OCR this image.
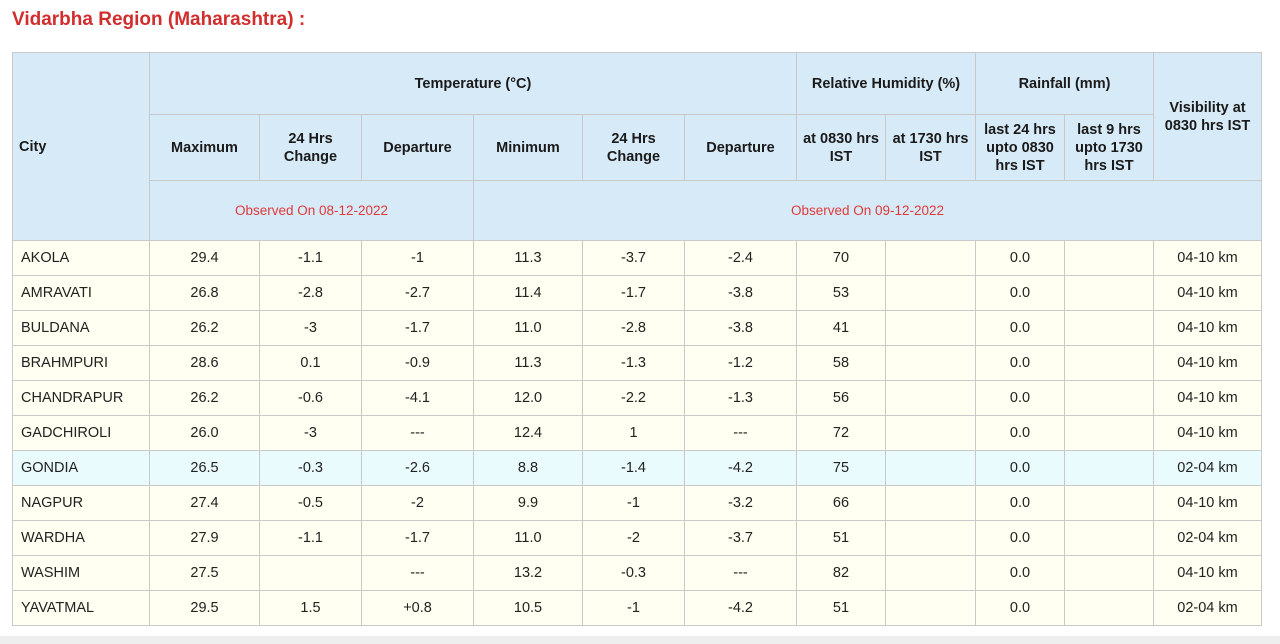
Vidarbha Region (Maharashtra) :
City	Temperature (°C)						Relative Humidity (%)		Rainfall (mm)		Visibility at 0830 hrs IST
	Maximum	24 Hrs Change	Departure	Minimum	24 Hrs Change	Departure	at 0830 hrs IST	at 1730 hrs IST	last 24 hrs upto 0830 hrs IST	last 9 hrs upto 1730 hrs IST	
	Observed On 08-12-2022			Observed On 09-12-2022							
AKOLA	29.4	-1.1	-1	11.3	-3.7	-2.4	70		0.0		04-10 km
AMRAVATI	26.8	-2.8	-2.7	11.4	-1.7	-3.8	53		0.0		04-10 km
BULDANA	26.2	-3	-1.7	11.0	-2.8	-3.8	41		0.0		04-10 km
BRAHMPURI	28.6	0.1	-0.9	11.3	-1.3	-1.2	58		0.0		04-10 km
CHANDRAPUR	26.2	-0.6	-4.1	12.0	-2.2	-1.3	56		0.0		04-10 km
GADCHIROLI	26.0	-3	---	12.4	1	---	72		0.0		04-10 km
GONDIA	26.5	-0.3	-2.6	8.8	-1.4	-4.2	75		0.0		02-04 km
NAGPUR	27.4	-0.5	-2	9.9	-1	-3.2	66		0.0		04-10 km
WARDHA	27.9	-1.1	-1.7	11.0	-2	-3.7	51		0.0		02-04 km
WASHIM	27.5		---	13.2	-0.3	---	82		0.0		04-10 km
YAVATMAL	29.5	1.5	+0.8	10.5	-1	-4.2	51		0.0		02-04 km
